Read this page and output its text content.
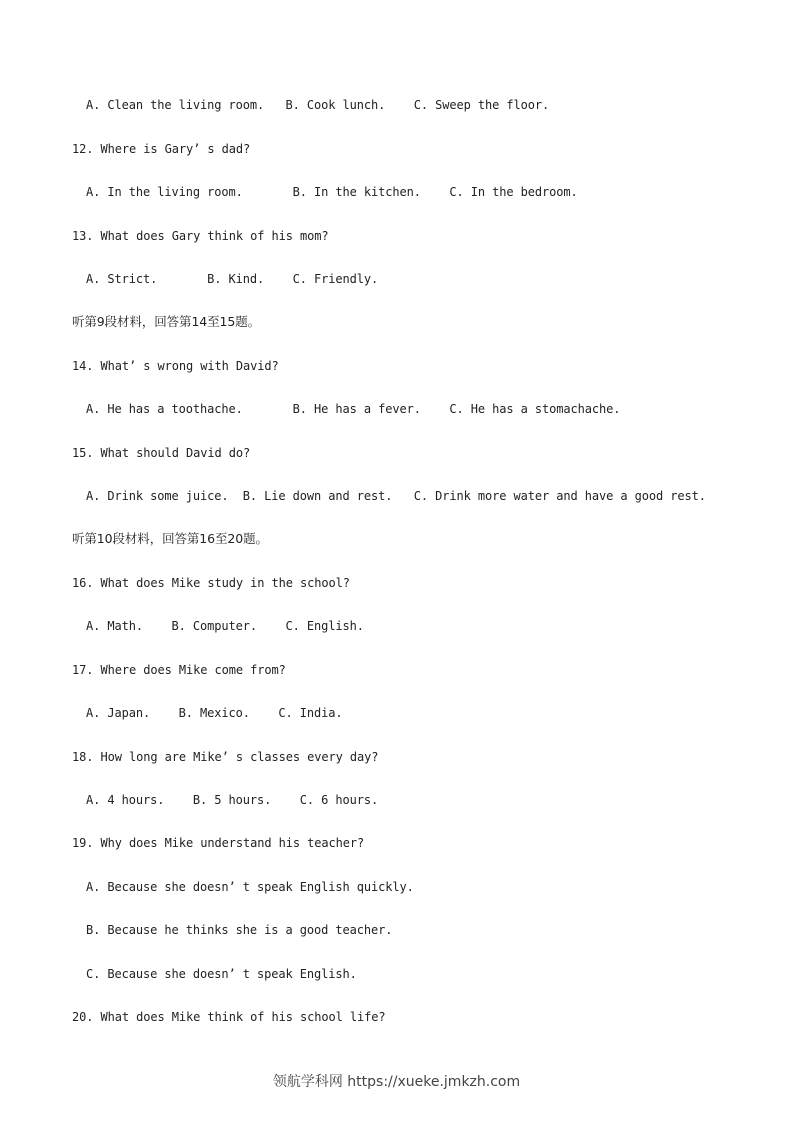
A. Clean the living room.   B. Cook lunch.    C. Sweep the floor.
12. Where is Gary’ s dad?
A. In the living room.       B. In the kitchen.    C. In the bedroom.
13. What does Gary think of his mom?
A. Strict.       B. Kind.    C. Friendly.
听第9段材料，回答第14至15题。
14. What’ s wrong with David?
A. He has a toothache.       B. He has a fever.    C. He has a stomachache.
15. What should David do?
A. Drink some juice.  B. Lie down and rest.   C. Drink more water and have a good rest.
听第10段材料，回答第16至20题。
16. What does Mike study in the school?
A. Math.    B. Computer.    C. English.
17. Where does Mike come from?
A. Japan.    B. Mexico.    C. India.
18. How long are Mike’ s classes every day?
A. 4 hours.    B. 5 hours.    C. 6 hours.
19. Why does Mike understand his teacher?
A. Because she doesn’ t speak English quickly.
B. Because he thinks she is a good teacher.
C. Because she doesn’ t speak English.
20. What does Mike think of his school life?
领航学科网 https://xueke.jmkzh.com
